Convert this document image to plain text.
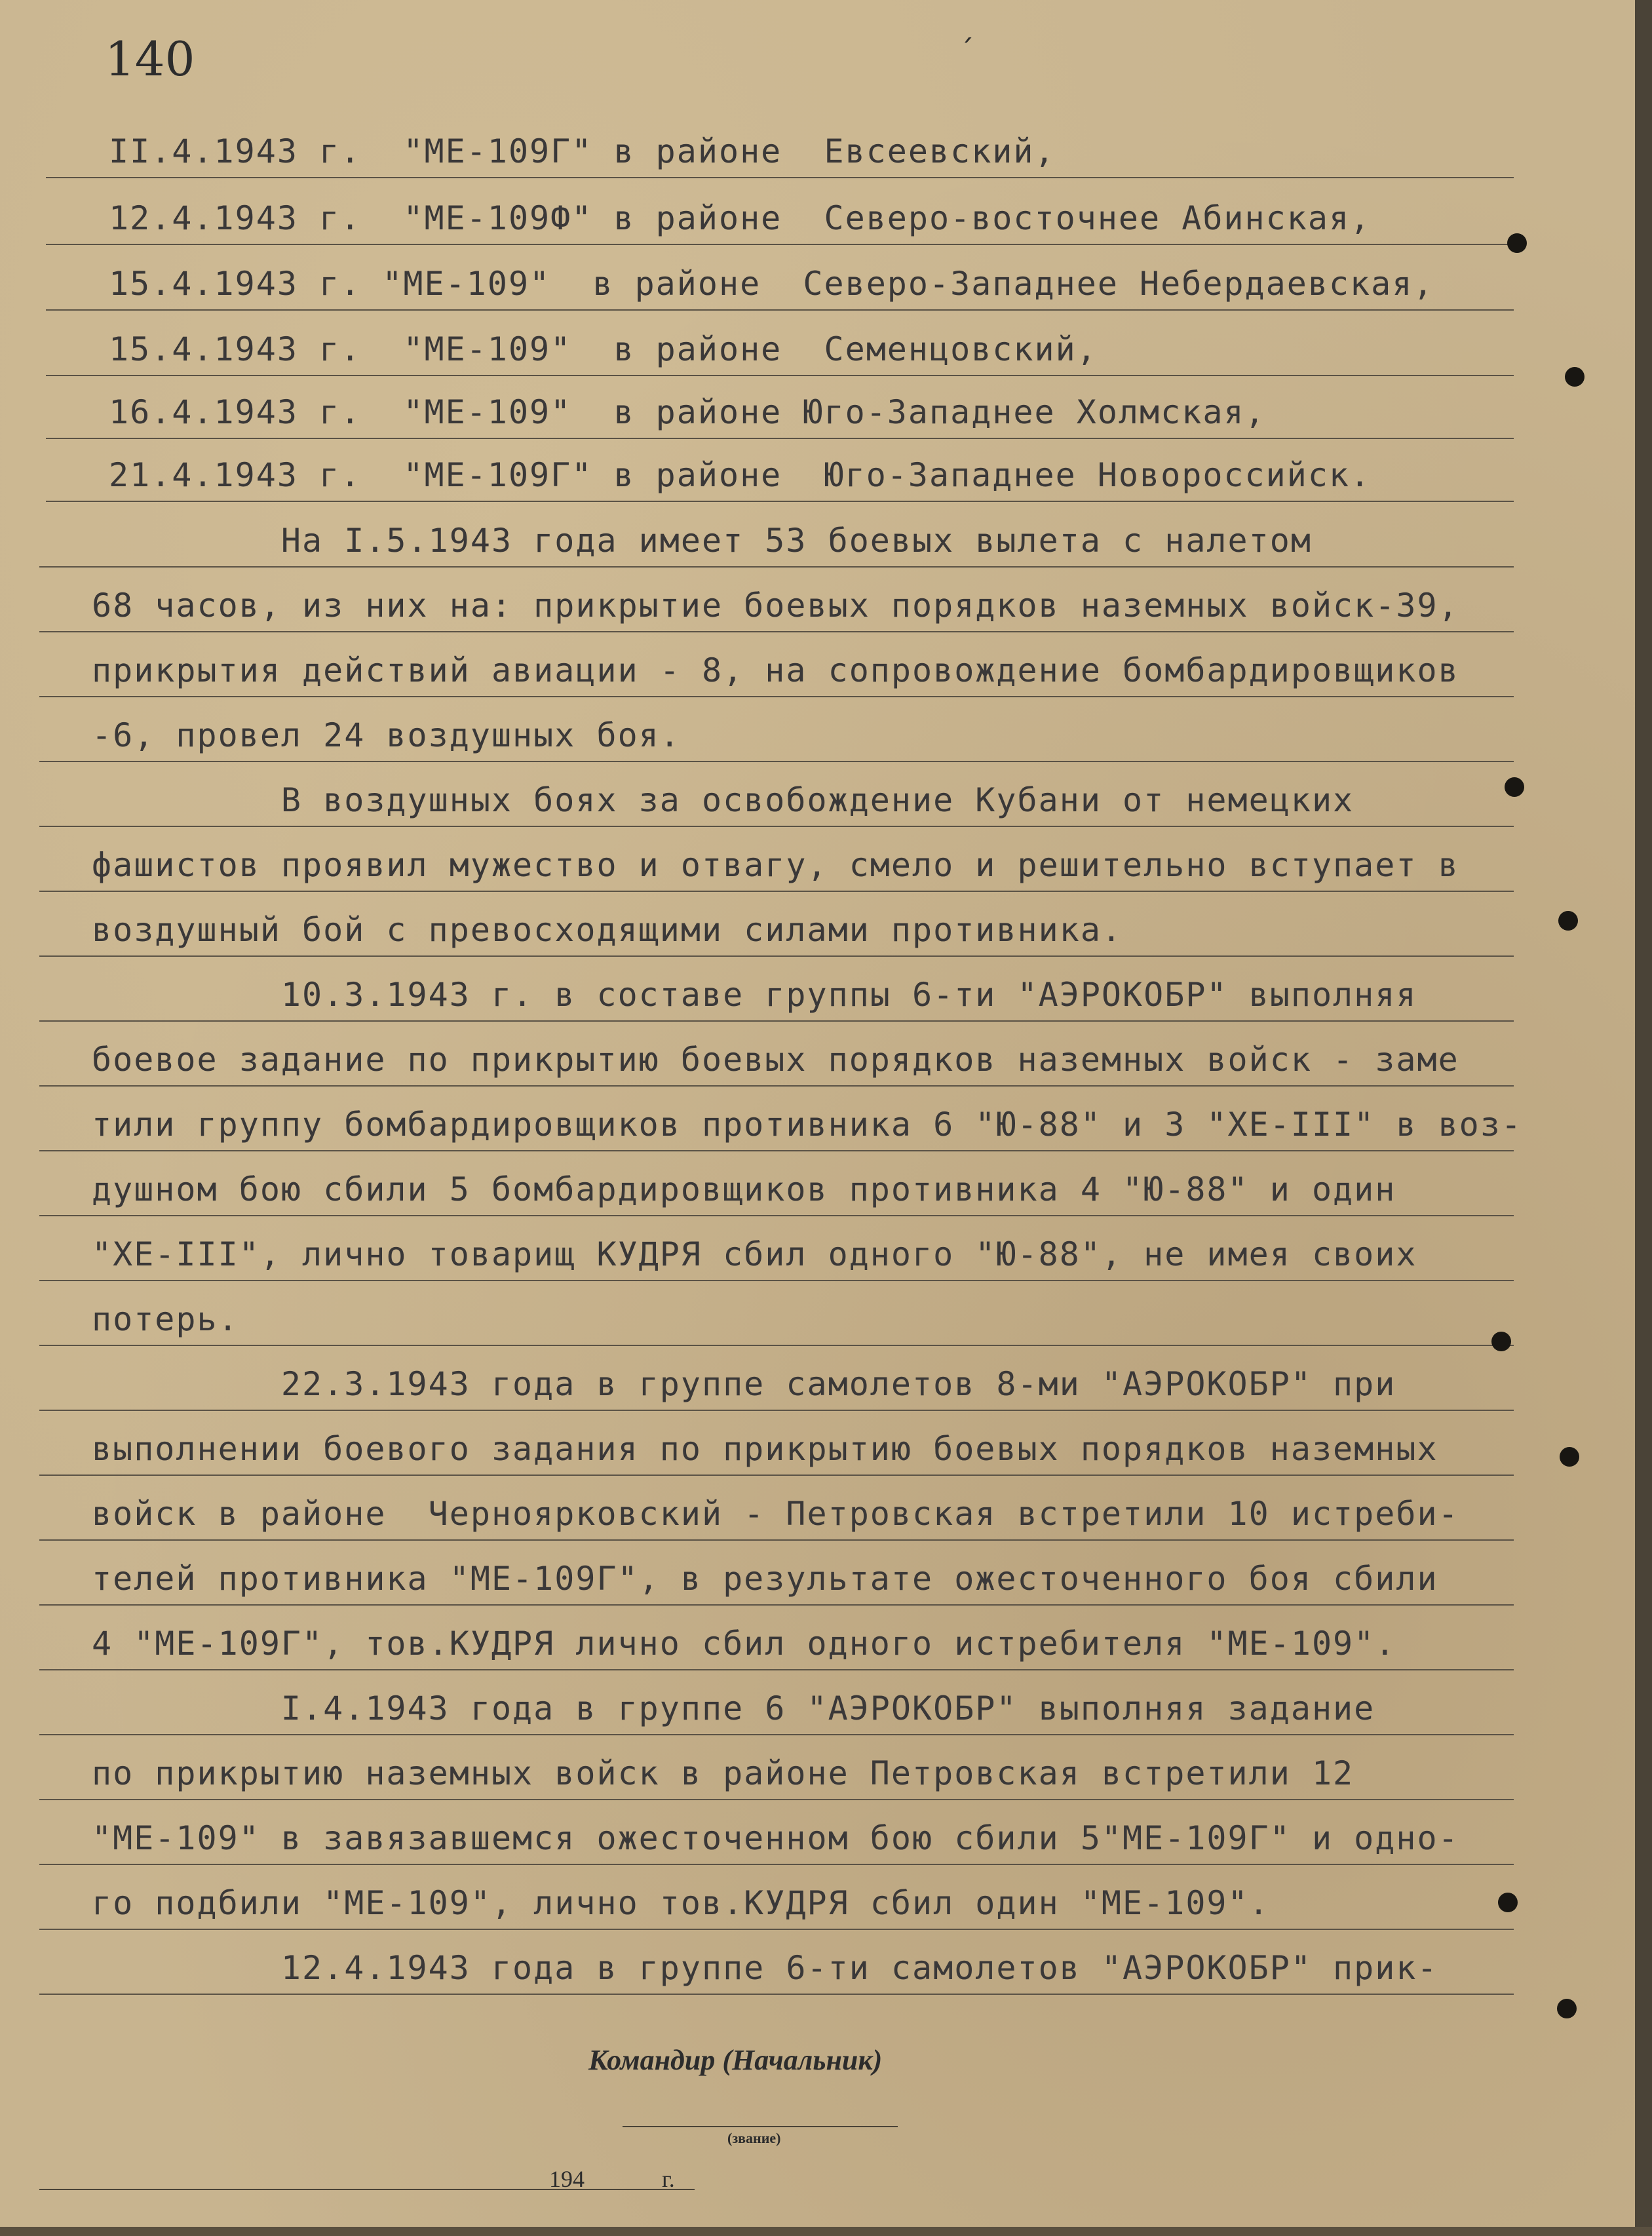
140	´
II.4.1943 г.  "МЕ-109Г" в районе  Евсеевский,
12.4.1943 г.  "МЕ-109Ф" в районе  Северо-восточнее Абинская,
15.4.1943 г. "МЕ-109"  в районе  Северо-Западнее Небердаевская,
15.4.1943 г.  "МЕ-109"  в районе  Семенцовский,
16.4.1943 г.  "МЕ-109"  в районе Юго-Западнее Холмская,
21.4.1943 г.  "МЕ-109Г" в районе  Юго-Западнее Новороссийск.
На I.5.1943 года имеет 53 боевых вылета с налетом
68 часов, из них на: прикрытие боевых порядков наземных войск-39,
прикрытия действий авиации - 8, на сопровождение бомбардировщиков
-6, провел 24 воздушных боя.
В воздушных боях за освобождение Кубани от немецких
фашистов проявил мужество и отвагу, смело и решительно вступает в
воздушный бой с превосходящими силами противника.
10.3.1943 г. в составе группы 6-ти "АЭРОКОБР" выполняя
боевое задание по прикрытию боевых порядков наземных войск - заме
тили группу бомбардировщиков противника 6 "Ю-88" и 3 "ХЕ-III" в воз-
душном бою сбили 5 бомбардировщиков противника 4 "Ю-88" и один
"ХЕ-III", лично товарищ КУДРЯ сбил одного "Ю-88", не имея своих
потерь.
22.3.1943 года в группе самолетов 8-ми "АЭРОКОБР" при
выполнении боевого задания по прикрытию боевых порядков наземных
войск в районе  Черноярковский - Петровская встретили 10 истреби-
телей противника "МЕ-109Г", в результате ожесточенного боя сбили
4 "МЕ-109Г", тов.КУДРЯ лично сбил одного истребителя "МЕ-109".
I.4.1943 года в группе 6 "АЭРОКОБР" выполняя задание
по прикрытию наземных войск в районе Петровская встретили 12
"МЕ-109" в завязавшемся ожесточенном бою сбили 5"МЕ-109Г" и одно-
го подбили "МЕ-109", лично тов.КУДРЯ сбил один "МЕ-109".
12.4.1943 года в группе 6-ти самолетов "АЭРОКОБР" прик-
Командир (Начальник)
(звание)
194	г.
